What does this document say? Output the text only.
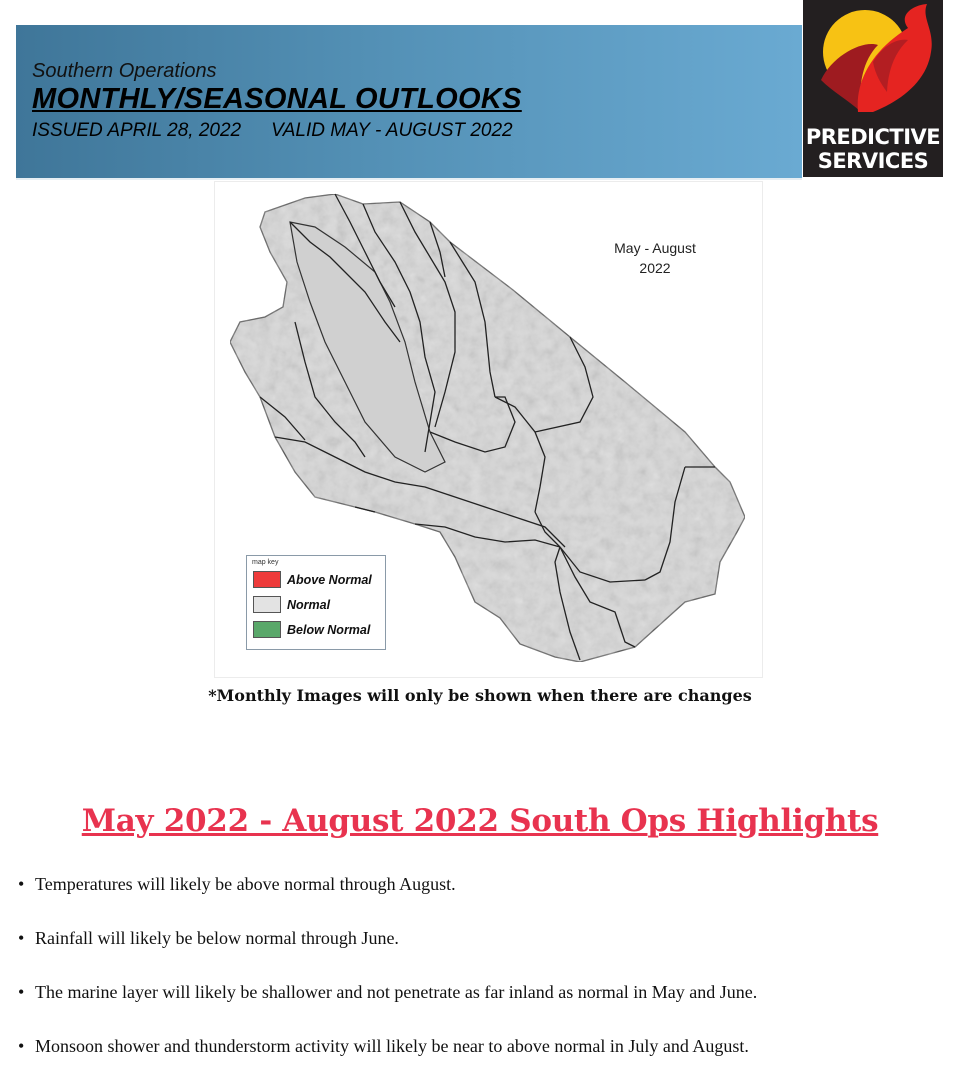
Southern Operations
MONTHLY/SEASONAL OUTLOOKS
ISSUED APRIL 28, 2022 VALID MAY - AUGUST 2022	PREDICTIVE
SERVICES
May - August
2022
map key
Above Normal
Normal
Below Normal
*Monthly Images will only be shown when there are changes
May 2022 - August 2022 South Ops Highlights
• Temperatures will likely be above normal through August.
• Rainfall will likely be below normal through June.
• The marine layer will likely be shallower and not penetrate as far inland as normal in May and June.
• Monsoon shower and thunderstorm activity will likely be near to above normal in July and August.
